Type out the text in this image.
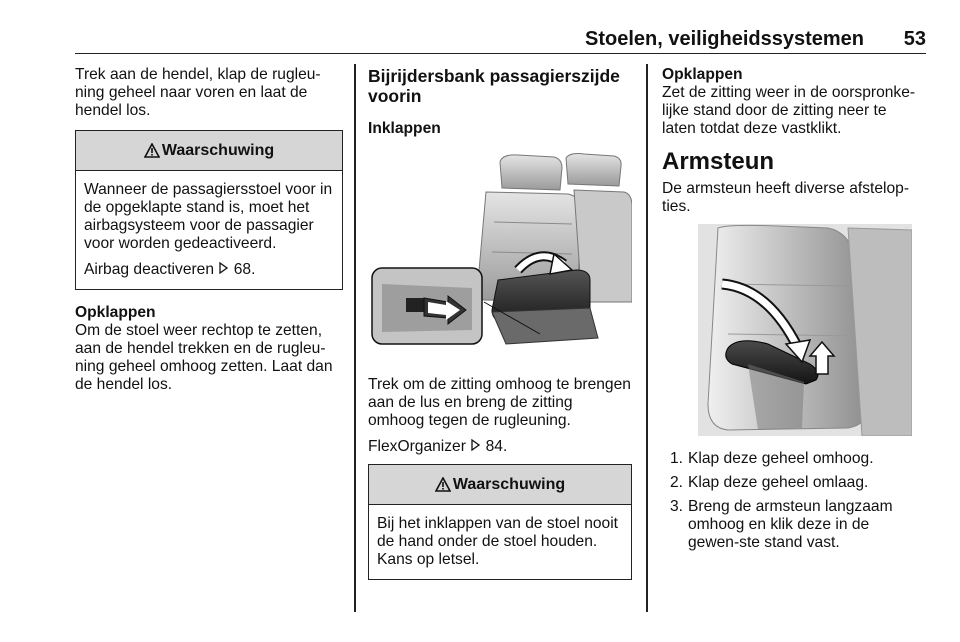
Stoelen, veiligheidssystemen 53

Trek aan de hendel, klap de rugleu-ning geheel naar voren en laat de hendel los.

Waarschuwing

Wanneer de passagiersstoel voor in de opgeklapte stand is, moet het airbagsysteem voor de passagier voor worden gedeactiveerd.

Airbag deactiveren 68.

Opklappen

Om de stoel weer rechtop te zetten, aan de hendel trekken en de rugleu-ning geheel omhoog zetten. Laat dan de hendel los.

Bijrijdersbank passagierszijde voorin
Inklappen

Trek om de zitting omhoog te brengen aan de lus en breng de zitting omhoog tegen de rugleuning.

FlexOrganizer 84.

Waarschuwing

Bij het inklappen van de stoel nooit de hand onder de stoel houden. Kans op letsel.

Opklappen

Zet de zitting weer in de oorspronke-lijke stand door de zitting neer te laten totdat deze vastklikt.

Armsteun

De armsteun heeft diverse afstelop-ties.

1. Klap deze geheel omhoog.
2. Klap deze geheel omlaag.
3. Breng de armsteun langzaam omhoog en klik deze in de gewen-ste stand vast.
